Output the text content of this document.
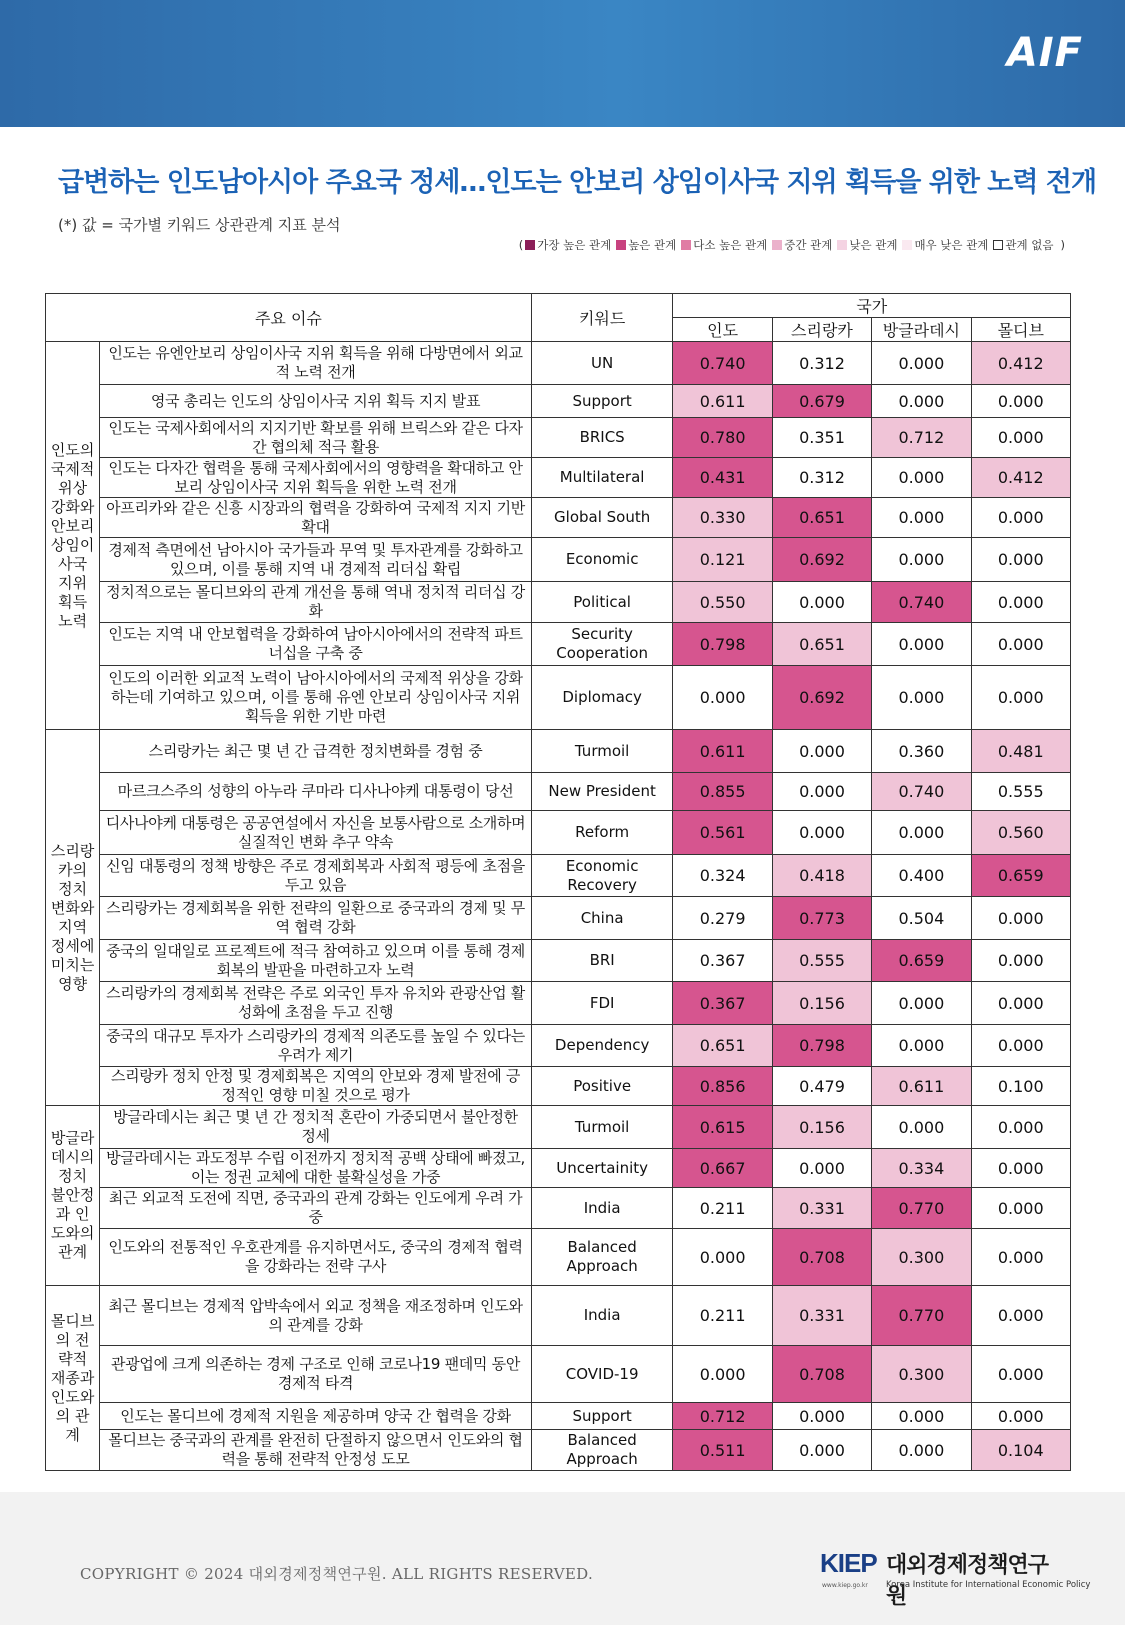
AIF
급변하는 인도남아시아 주요국 정세…인도는 안보리 상임이사국 지위 획득을 위한 노력 전개
(*) 값 = 국가별 키워드 상관관계 지표 분석
( 가장 높은 관계 높은 관계 다소 높은 관계 중간 관계 낮은 관계 매우 낮은 관계 관계 없음 )
주요 이슈		키워드	국가			
			인도	스리랑카	방글라데시	몰디브
인도의 국제적 위상 강화와 안보리 상임이사국 지위 획득 노력	인도는 유엔안보리 상임이사국 지위 획득을 위해 다방면에서 외교적 노력 전개	UN	0.740	0.312	0.000	0.412
	영국 총리는 인도의 상임이사국 지위 획득 지지 발표	Support	0.611	0.679	0.000	0.000
	인도는 국제사회에서의 지지기반 확보를 위해 브릭스와 같은 다자간 협의체 적극 활용	BRICS	0.780	0.351	0.712	0.000
	인도는 다자간 협력을 통해 국제사회에서의 영향력을 확대하고 안보리 상임이사국 지위 획득을 위한 노력 전개	Multilateral	0.431	0.312	0.000	0.412
	아프리카와 같은 신흥 시장과의 협력을 강화하여 국제적 지지 기반 확대	Global South	0.330	0.651	0.000	0.000
	경제적 측면에선 남아시아 국가들과 무역 및 투자관계를 강화하고 있으며, 이를 통해 지역 내 경제적 리더십 확립	Economic	0.121	0.692	0.000	0.000
	정치적으로는 몰디브와의 관계 개선을 통해 역내 정치적 리더십 강화	Political	0.550	0.000	0.740	0.000
	인도는 지역 내 안보협력을 강화하여 남아시아에서의 전략적 파트너십을 구축 중	Security Cooperation	0.798	0.651	0.000	0.000
	인도의 이러한 외교적 노력이 남아시아에서의 국제적 위상을 강화하는데 기여하고 있으며, 이를 통해 유엔 안보리 상임이사국 지위 획득을 위한 기반 마련	Diplomacy	0.000	0.692	0.000	0.000
스리랑카의 정치 변화와 지역 정세에 미치는 영향	스리랑카는 최근 몇 년 간 급격한 정치변화를 경험 중	Turmoil	0.611	0.000	0.360	0.481
	마르크스주의 성향의 아누라 쿠마라 디사나야케 대통령이 당선	New President	0.855	0.000	0.740	0.555
	디사나야케 대통령은 공공연설에서 자신을 보통사람으로 소개하며 실질적인 변화 추구 약속	Reform	0.561	0.000	0.000	0.560
	신임 대통령의 정책 방향은 주로 경제회복과 사회적 평등에 초점을 두고 있음	Economic Recovery	0.324	0.418	0.400	0.659
	스리랑카는 경제회복을 위한 전략의 일환으로 중국과의 경제 및 무역 협력 강화	China	0.279	0.773	0.504	0.000
	중국의 일대일로 프로젝트에 적극 참여하고 있으며 이를 통해 경제회복의 발판을 마련하고자 노력	BRI	0.367	0.555	0.659	0.000
	스리랑카의 경제회복 전략은 주로 외국인 투자 유치와 관광산업 활성화에 초점을 두고 진행	FDI	0.367	0.156	0.000	0.000
	중국의 대규모 투자가 스리랑카의 경제적 의존도를 높일 수 있다는 우려가 제기	Dependency	0.651	0.798	0.000	0.000
	스리랑카 정치 안정 및 경제회복은 지역의 안보와 경제 발전에 긍정적인 영향 미칠 것으로 평가	Positive	0.856	0.479	0.611	0.100
방글라데시의 정치 불안정과 인도와의 관계	방글라데시는 최근 몇 년 간 정치적 혼란이 가중되면서 불안정한 정세	Turmoil	0.615	0.156	0.000	0.000
	방글라데시는 과도정부 수립 이전까지 정치적 공백 상태에 빠졌고, 이는 정권 교체에 대한 불확실성을 가중	Uncertainity	0.667	0.000	0.334	0.000
	최근 외교적 도전에 직면, 중국과의 관계 강화는 인도에게 우려 가중	India	0.211	0.331	0.770	0.000
	인도와의 전통적인 우호관계를 유지하면서도, 중국의 경제적 협력을 강화라는 전략 구사	Balanced Approach	0.000	0.708	0.300	0.000
몰디브의 전략적 재종과 인도와의 관계	최근 몰디브는 경제적 압박속에서 외교 정책을 재조정하며 인도와의 관계를 강화	India	0.211	0.331	0.770	0.000
	관광업에 크게 의존하는 경제 구조로 인해 코로나19 팬데믹 동안 경제적 타격	COVID-19	0.000	0.708	0.300	0.000
	인도는 몰디브에 경제적 지원을 제공하며 양국 간 협력을 강화	Support	0.712	0.000	0.000	0.000
	몰디브는 중국과의 관계를 완전히 단절하지 않으면서 인도와의 협력을 통해 전략적 안정성 도모	Balanced Approach	0.511	0.000	0.000	0.104
COPYRIGHT © 2024 대외경제정책연구원. ALL RIGHTS RESERVED.	KIEP 대외경제정책연구원
www.kiep.go.kr Korea Institute for International Economic Policy
